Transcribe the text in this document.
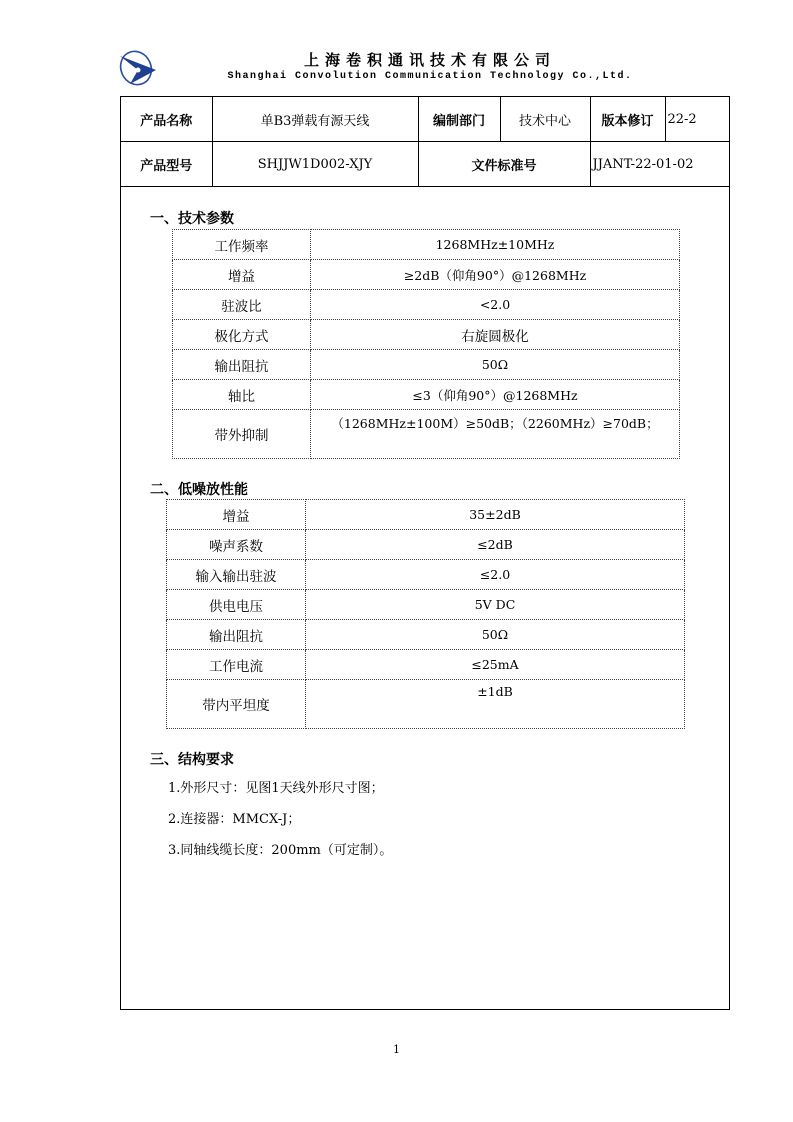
上海卷积通讯技术有限公司
Shanghai Convolution Communication Technology Co.,Ltd.
产品名称	单B3弹载有源天线	编制部门	技术中心	版本修订	22-2
产品型号	SHJJW1D002-XJY	文件标准号		JJANT-22-01-02	
一、技术参数
工作频率	1268MHz±10MHz
增益	≥2dB（仰角90°）@1268MHz
驻波比	<2.0
极化方式	右旋圆极化
输出阻抗	50Ω
轴比	≤3（仰角90°）@1268MHz
带外抑制	（1268MHz±100M）≥50dB；（2260MHz）≥70dB；
二、低噪放性能
增益	35±2dB
噪声系数	≤2dB
输入输出驻波	≤2.0
供电电压	5V DC
输出阻抗	50Ω
工作电流	≤25mA
带内平坦度	±1dB
三、结构要求
1.外形尺寸：见图1天线外形尺寸图；
2.连接器：MMCX-J；
3.同轴线缆长度：200mm（可定制）。
1
